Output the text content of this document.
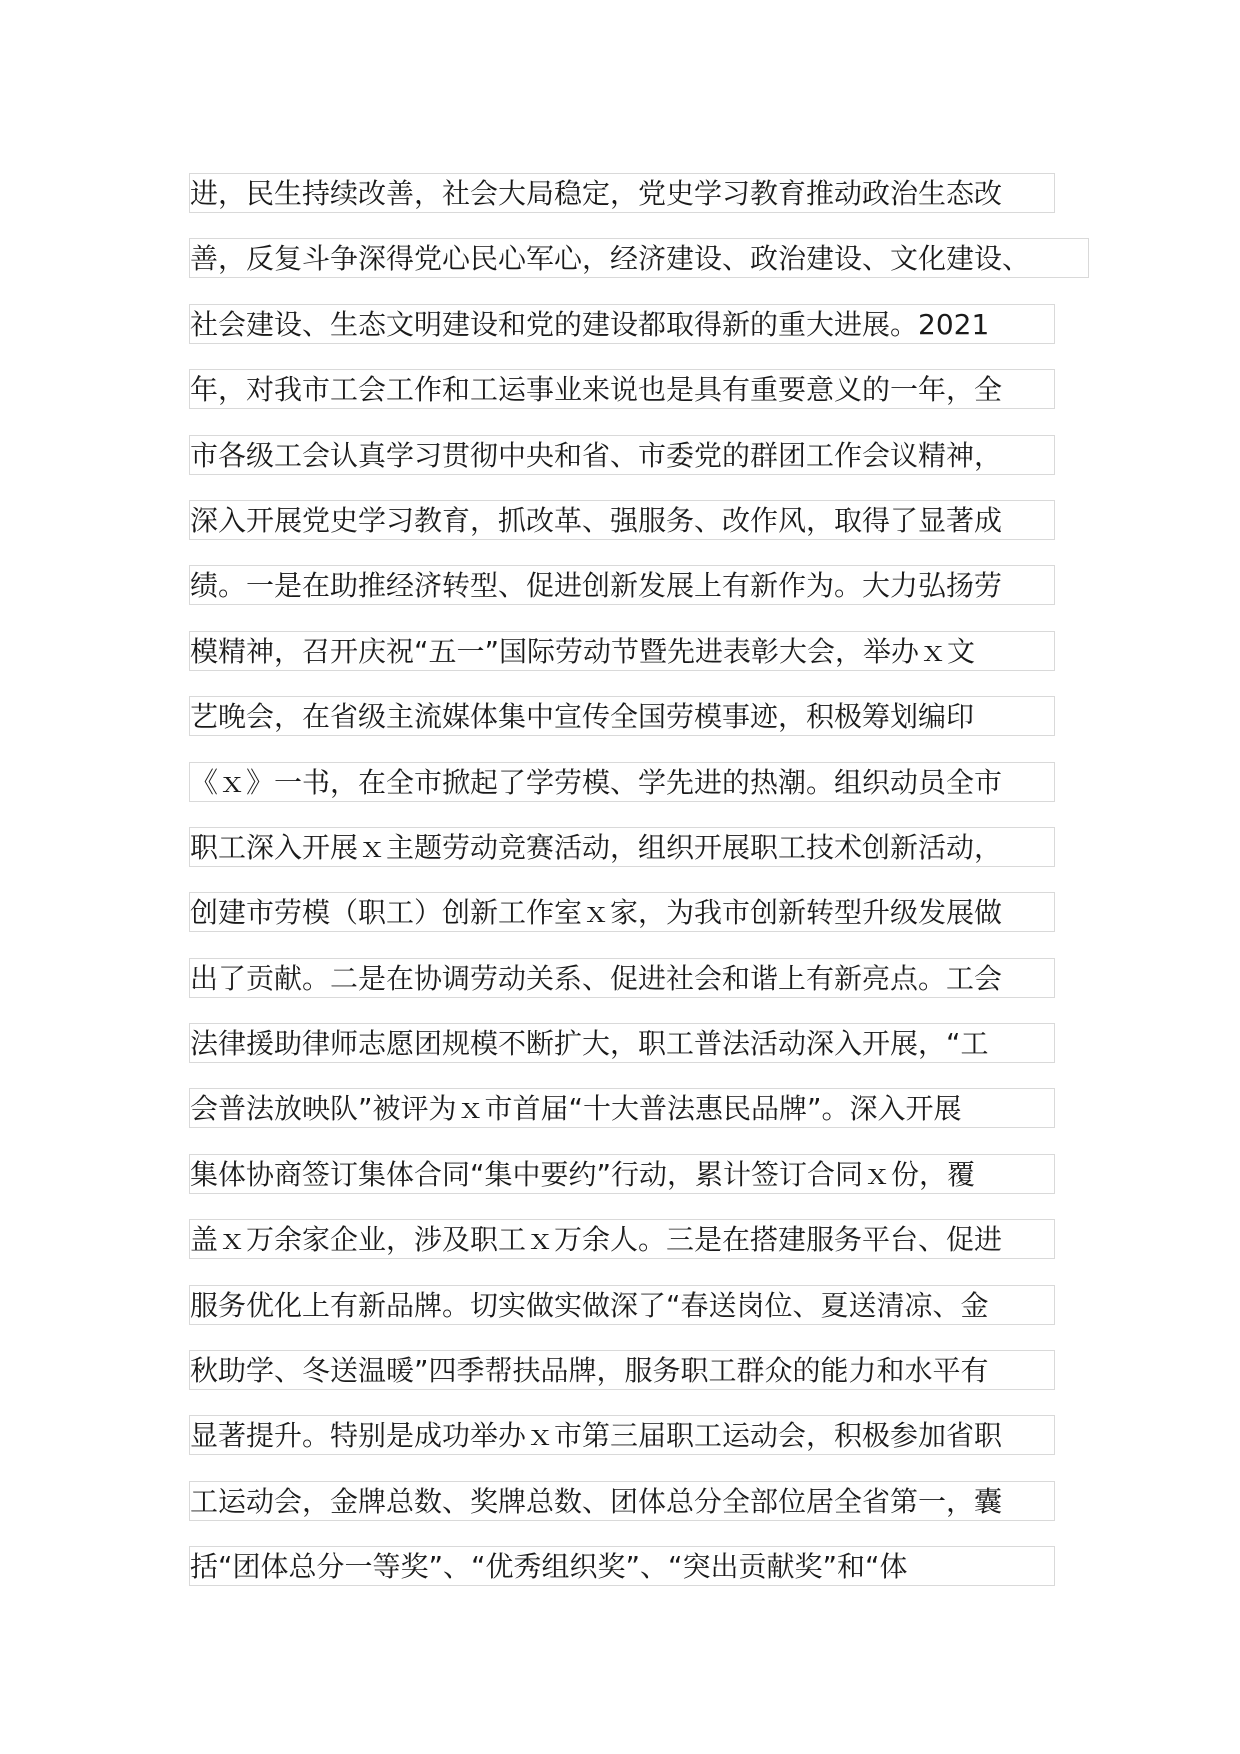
进，民生持续改善，社会大局稳定，党史学习教育推动政治生态改
善，反复斗争深得党心民心军心，经济建设、政治建设、文化建设、
社会建设、生态文明建设和党的建设都取得新的重大进展。2021
年，对我市工会工作和工运事业来说也是具有重要意义的一年，全
市各级工会认真学习贯彻中央和省、市委党的群团工作会议精神，
深入开展党史学习教育，抓改革、强服务、改作风，取得了显著成
绩。一是在助推经济转型、促进创新发展上有新作为。大力弘扬劳
模精神，召开庆祝“五一”国际劳动节暨先进表彰大会，举办ｘ文
艺晚会，在省级主流媒体集中宣传全国劳模事迹，积极筹划编印
《ｘ》一书，在全市掀起了学劳模、学先进的热潮。组织动员全市
职工深入开展ｘ主题劳动竞赛活动，组织开展职工技术创新活动，
创建市劳模（职工）创新工作室ｘ家，为我市创新转型升级发展做
出了贡献。二是在协调劳动关系、促进社会和谐上有新亮点。工会
法律援助律师志愿团规模不断扩大，职工普法活动深入开展，“工
会普法放映队”被评为ｘ市首届“十大普法惠民品牌”。深入开展
集体协商签订集体合同“集中要约”行动，累计签订合同ｘ份，覆
盖ｘ万余家企业，涉及职工ｘ万余人。三是在搭建服务平台、促进
服务优化上有新品牌。切实做实做深了“春送岗位、夏送清凉、金
秋助学、冬送温暖”四季帮扶品牌，服务职工群众的能力和水平有
显著提升。特别是成功举办ｘ市第三届职工运动会，积极参加省职
工运动会，金牌总数、奖牌总数、团体总分全部位居全省第一，囊
括“团体总分一等奖”、“优秀组织奖”、“突出贡献奖”和“体
